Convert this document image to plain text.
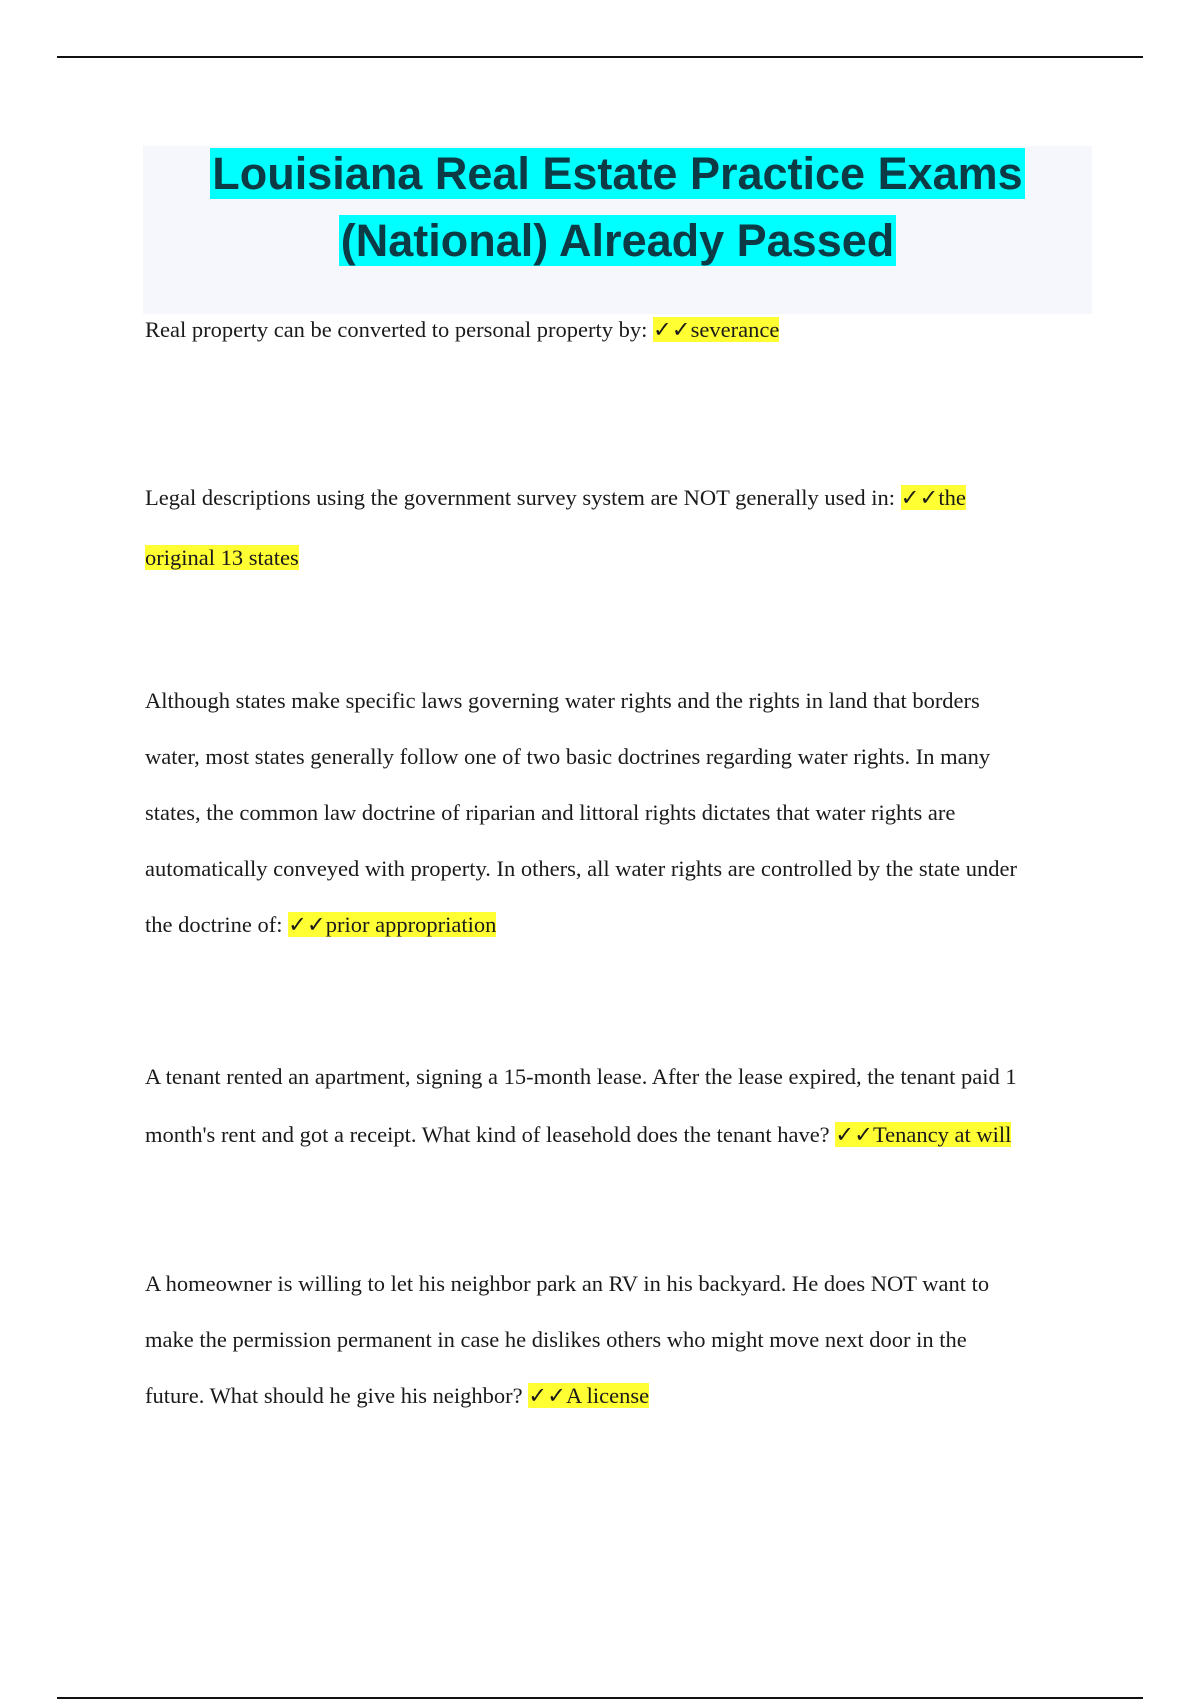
Louisiana Real Estate Practice Exams
(National) Already Passed

Real property can be converted to personal property by: ✓✓severance

Legal descriptions using the government survey system are NOT generally used in: ✓✓the
original 13 states

Although states make specific laws governing water rights and the rights in land that borders
water, most states generally follow one of two basic doctrines regarding water rights. In many
states, the common law doctrine of riparian and littoral rights dictates that water rights are
automatically conveyed with property. In others, all water rights are controlled by the state under
the doctrine of: ✓✓prior appropriation

A tenant rented an apartment, signing a 15-month lease. After the lease expired, the tenant paid 1
month's rent and got a receipt. What kind of leasehold does the tenant have? ✓✓Tenancy at will

A homeowner is willing to let his neighbor park an RV in his backyard. He does NOT want to
make the permission permanent in case he dislikes others who might move next door in the
future. What should he give his neighbor? ✓✓A license
